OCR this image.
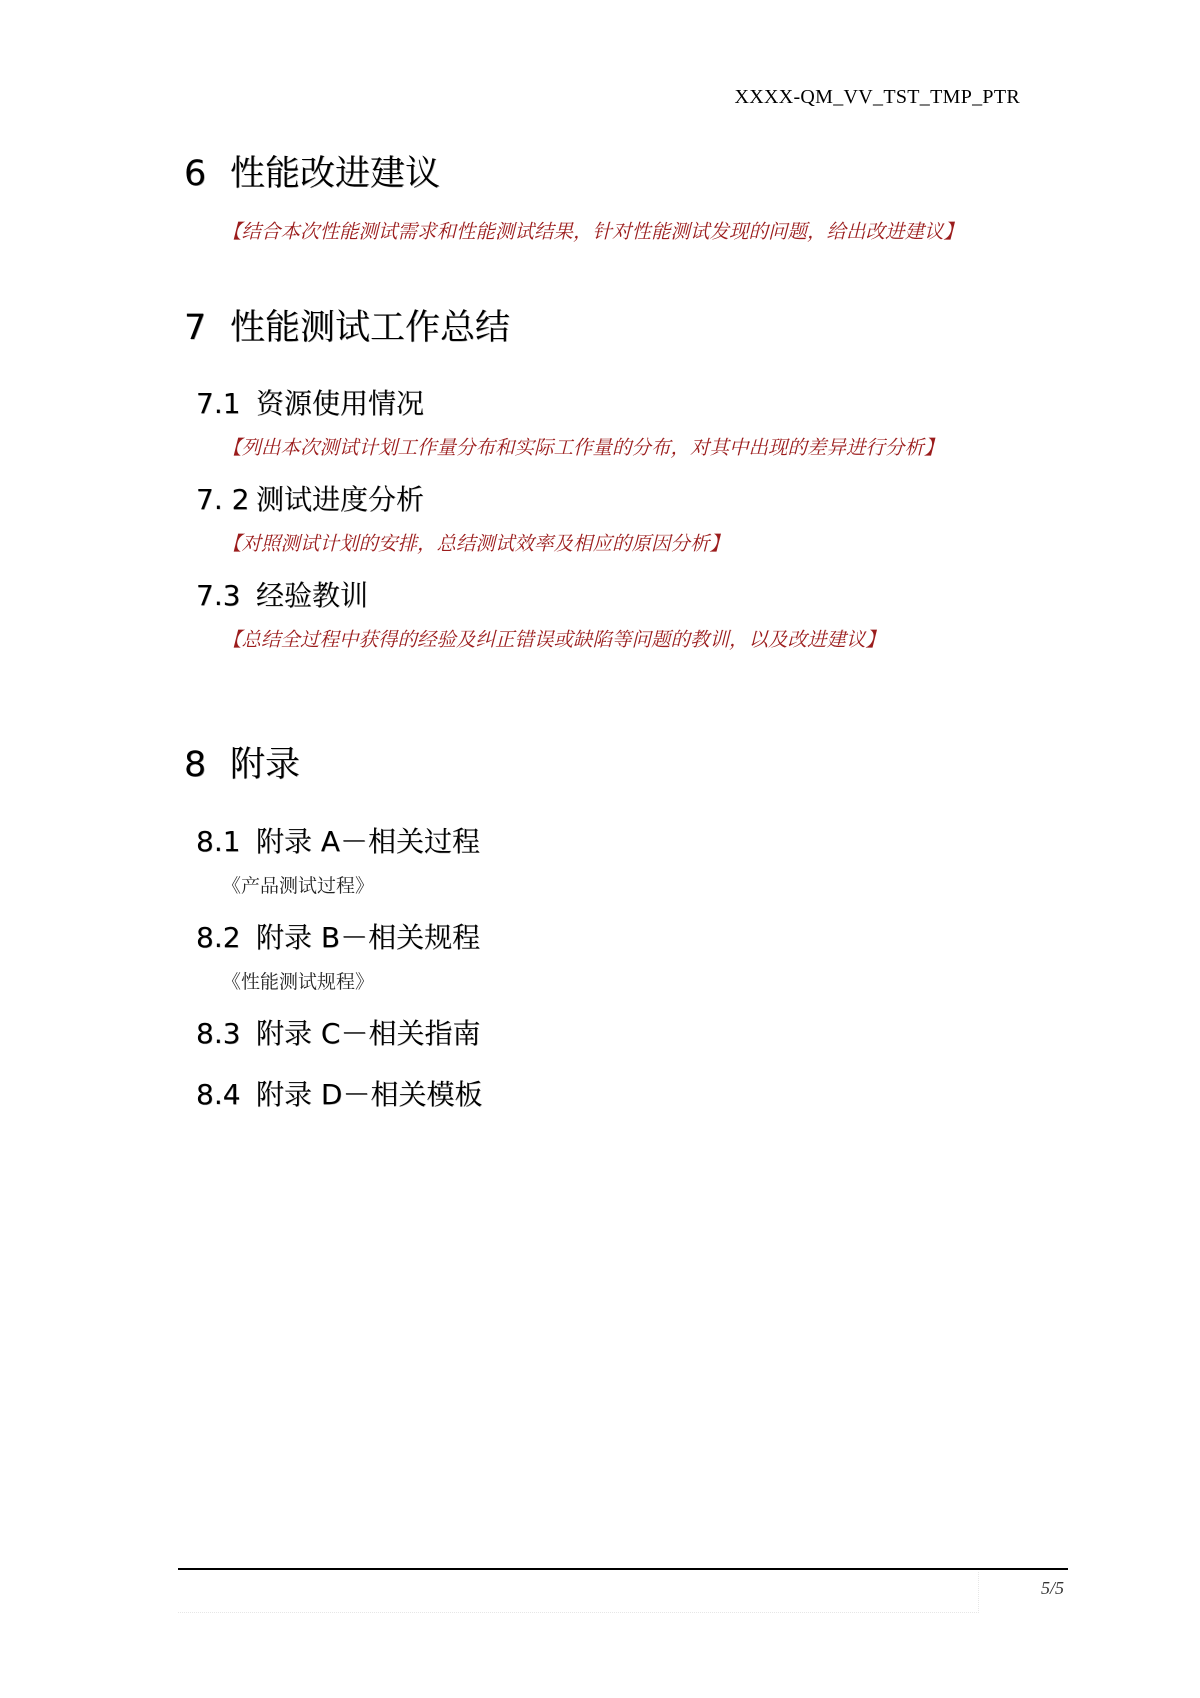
XXXX-QM_VV_TST_TMP_PTR
6 性能改进建议

【结合本次性能测试需求和性能测试结果，针对性能测试发现的问题，给出改进建议】

7 性能测试工作总结
7.1 资源使用情况

【列出本次测试计划工作量分布和实际工作量的分布，对其中出现的差异进行分析】

7. 2 测试进度分析

【对照测试计划的安排，总结测试效率及相应的原因分析】

7.3 经验教训

【总结全过程中获得的经验及纠正错误或缺陷等问题的教训，以及改进建议】

8 附录
8.1 附录 A－相关过程

《产品测试过程》

8.2 附录 B－相关规程

《性能测试规程》

8.3 附录 C－相关指南
8.4 附录 D－相关模板
5/5
